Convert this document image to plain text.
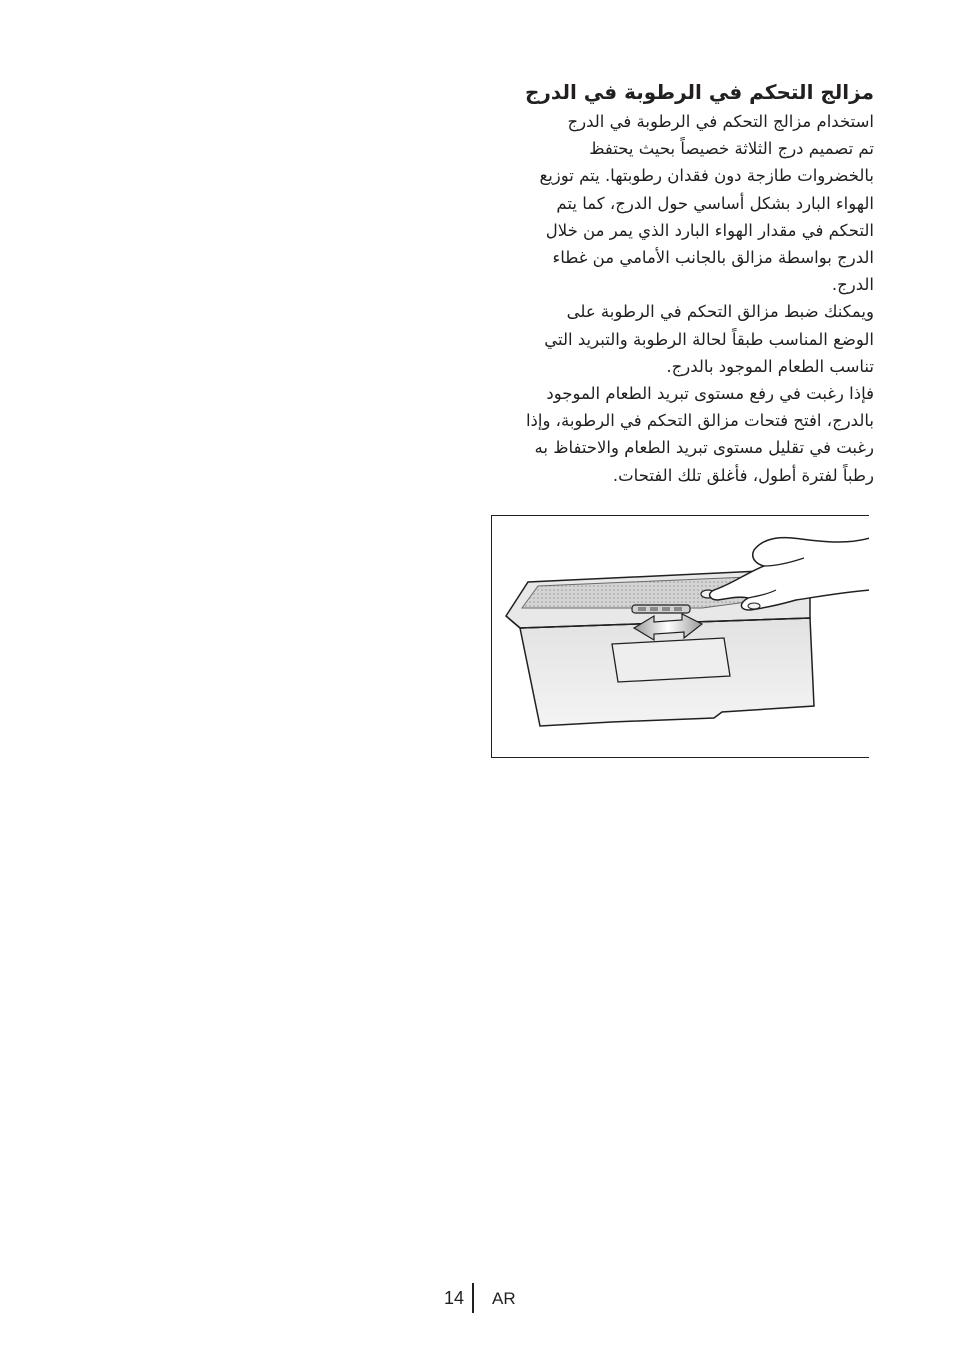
مزالج التحكم في الرطوبة في الدرج

استخدام مزالج التحكم في الرطوبة في الدرج
تم تصميم درج الثلاثة خصيصاً بحيث يحتفظ
بالخضروات طازجة دون فقدان رطوبتها. يتم توزيع
الهواء البارد بشكل أساسي حول الدرج، كما يتم
التحكم في مقدار الهواء البارد الذي يمر من خلال
الدرج بواسطة مزالق بالجانب الأمامي من غطاء
الدرج.

ويمكنك ضبط مزالق التحكم في الرطوبة على
الوضع المناسب طبقاً لحالة الرطوبة والتبريد التي
تناسب الطعام الموجود بالدرج.

فإذا رغبت في رفع مستوى تبريد الطعام الموجود
بالدرج، افتح فتحات مزالق التحكم في الرطوبة، وإذا
رغبت في تقليل مستوى تبريد الطعام والاحتفاظ به
رطباً لفترة أطول، فأغلق تلك الفتحات.

14 AR
